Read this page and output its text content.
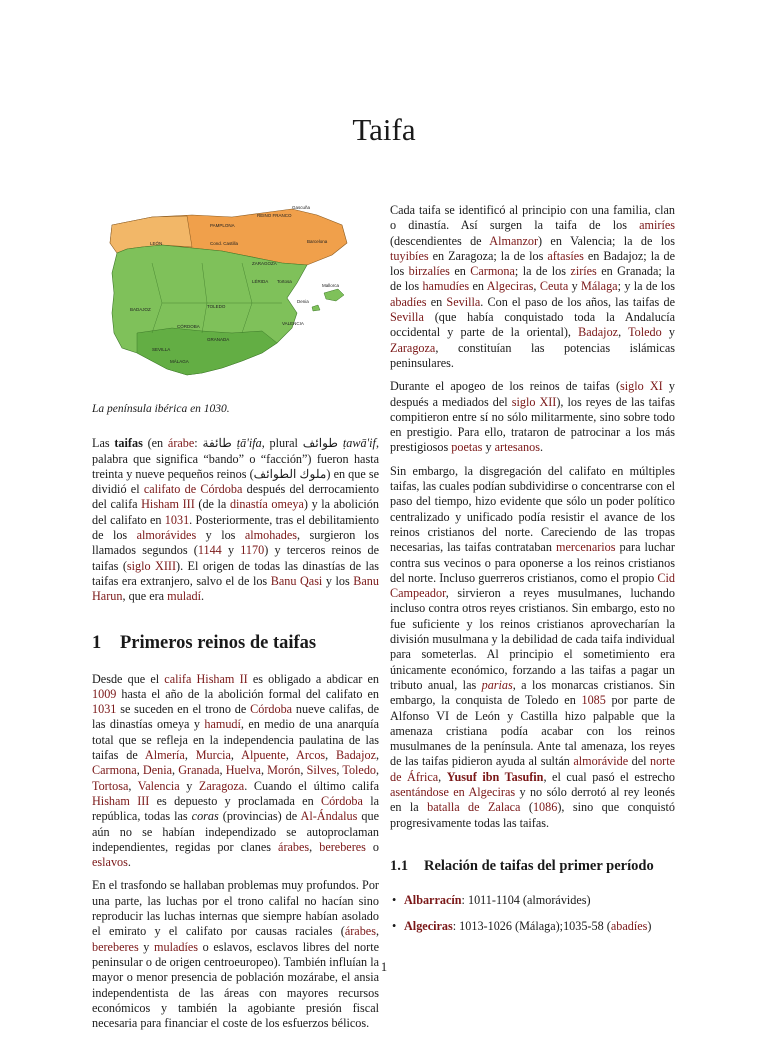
Taifa
REINO FRANCO
Gascuña
PAMPLONA
LEÓN	Cond. Castilla
ZARAGOZA
Barcelona
TOLEDO
LÉRIDA
VALENCIA
BADAJOZ
CÓRDOBA
SEVILLA
GRANADA
MÁLAGA
Denia
Mallorca
Tortosa

La península ibérica en 1030.

Las taifas (en árabe: طائفة ṭā'ifa, plural طوائف ṭawā'if, palabra que significa “bando” o “facción”) fueron hasta treinta y nueve pequeños reinos (ملوك الطوائف) en que se dividió el califato de Córdoba después del derrocamiento del califa Hisham III (de la dinastía omeya) y la abolición del califato en 1031. Posteriormente, tras el debilitamiento de los almorávides y los almohades, surgieron los llamados segundos (1144 y 1170) y terceros reinos de taifas (siglo XIII). El origen de todas las dinastías de las taifas era extranjero, salvo el de los Banu Qasi y los Banu Harun, que era muladí.

1 Primeros reinos de taifas

Desde que el califa Hisham II es obligado a abdicar en 1009 hasta el año de la abolición formal del califato en 1031 se suceden en el trono de Córdoba nueve califas, de las dinastías omeya y hamudí, en medio de una anarquía total que se refleja en la independencia paulatina de las taifas de Almería, Murcia, Alpuente, Arcos, Badajoz, Carmona, Denia, Granada, Huelva, Morón, Silves, Toledo, Tortosa, Valencia y Zaragoza. Cuando el último califa Hisham III es depuesto y proclamada en Córdoba la república, todas las coras (provincias) de Al-Ándalus que aún no se habían independizado se autoproclaman independientes, regidas por clanes árabes, bereberes o eslavos.

En el trasfondo se hallaban problemas muy profundos. Por una parte, las luchas por el trono califal no hacían sino reproducir las luchas internas que siempre habían asolado el emirato y el califato por causas raciales (árabes, bereberes y muladíes o eslavos, esclavos libres del norte peninsular o de origen centroeuropeo). También influían la mayor o menor presencia de población mozárabe, el ansia independentista de las áreas con mayores recursos económicos y también la agobiante presión fiscal necesaria para financiar el coste de los esfuerzos bélicos.

Cada taifa se identificó al principio con una familia, clan o dinastía. Así surgen la taifa de los amiríes (descendientes de Almanzor) en Valencia; la de los tuyibíes en Zaragoza; la de los aftasíes en Badajoz; la de los birzalíes en Carmona; la de los ziríes en Granada; la de los hamudíes en Algeciras, Ceuta y Málaga; y la de los abadíes en Sevilla. Con el paso de los años, las taifas de Sevilla (que había conquistado toda la Andalucía occidental y parte de la oriental), Badajoz, Toledo y Zaragoza, constituían las potencias islámicas peninsulares.

Durante el apogeo de los reinos de taifas (siglo XI y después a mediados del siglo XII), los reyes de las taifas compitieron entre sí no sólo militarmente, sino sobre todo en prestigio. Para ello, trataron de patrocinar a los más prestigiosos poetas y artesanos.

Sin embargo, la disgregación del califato en múltiples taifas, las cuales podían subdividirse o concentrarse con el paso del tiempo, hizo evidente que sólo un poder político centralizado y unificado podía resistir el avance de los reinos cristianos del norte. Careciendo de las tropas necesarias, las taifas contrataban mercenarios para luchar contra sus vecinos o para oponerse a los reinos cristianos del norte. Incluso guerreros cristianos, como el propio Cid Campeador, sirvieron a reyes musulmanes, luchando incluso contra otros reyes cristianos. Sin embargo, esto no fue suficiente y los reinos cristianos aprovecharían la división musulmana y la debilidad de cada taifa individual para someterlas. Al principio el sometimiento era únicamente económico, forzando a las taifas a pagar un tributo anual, las parias, a los monarcas cristianos. Sin embargo, la conquista de Toledo en 1085 por parte de Alfonso VI de León y Castilla hizo palpable que la amenaza cristiana podía acabar con los reinos musulmanes de la península. Ante tal amenaza, los reyes de las taifas pidieron ayuda al sultán almorávide del norte de África, Yusuf ibn Tasufin, el cual pasó el estrecho asentándose en Algeciras y no sólo derrotó al rey leonés en la batalla de Zalaca (1086), sino que conquistó progresivamente todas las taifas.

1.1 Relación de taifas del primer período
• Albarracín: 1011-1104 (almorávides)
• Algeciras: 1013-1026 (Málaga);1035-58 (abadíes)
1
